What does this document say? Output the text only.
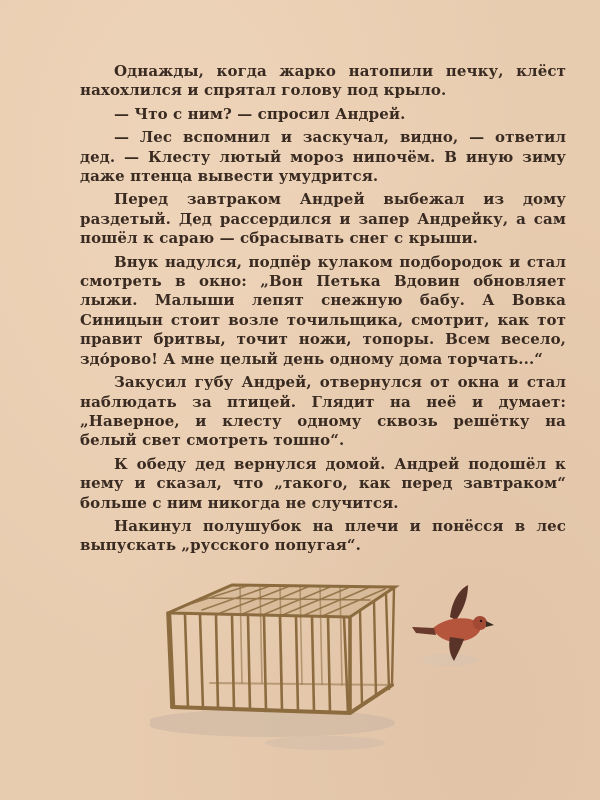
Однажды, когда жарко натопили печку, клёст нахохлился и спрятал голову под крыло.

— Что с ним? — спросил Андрей.

— Лес вспомнил и заскучал, видно, — ответил дед. — Клесту лютый мороз нипочём. В иную зиму даже птенца вывести умудрится.

Перед завтраком Андрей выбежал из дому раздетый. Дед рассердился и запер Андрейку, а сам пошёл к сараю — сбрасывать снег с крыши.

Внук надулся, подпёр кулаком подбородок и стал смотреть в окно: „Вон Петька Вдовин обновляет лыжи. Малыши лепят снежную бабу. А Вовка Синицын стоит возле точильщика, смотрит, как тот правит бритвы, точит ножи, топоры. Всем весело, здо́рово! А мне целый день одному дома торчать...“

Закусил губу Андрей, отвернулся от окна и стал наблюдать за птицей. Глядит на неё и думает: „Наверное, и клесту одному сквозь решётку на белый свет смотреть тошно“.

К обеду дед вернулся домой. Андрей подошёл к нему и сказал, что „такого, как перед завтраком“ больше с ним никогда не случится.

Накинул полушубок на плечи и понёсся в лес выпускать „русского попугая“.
